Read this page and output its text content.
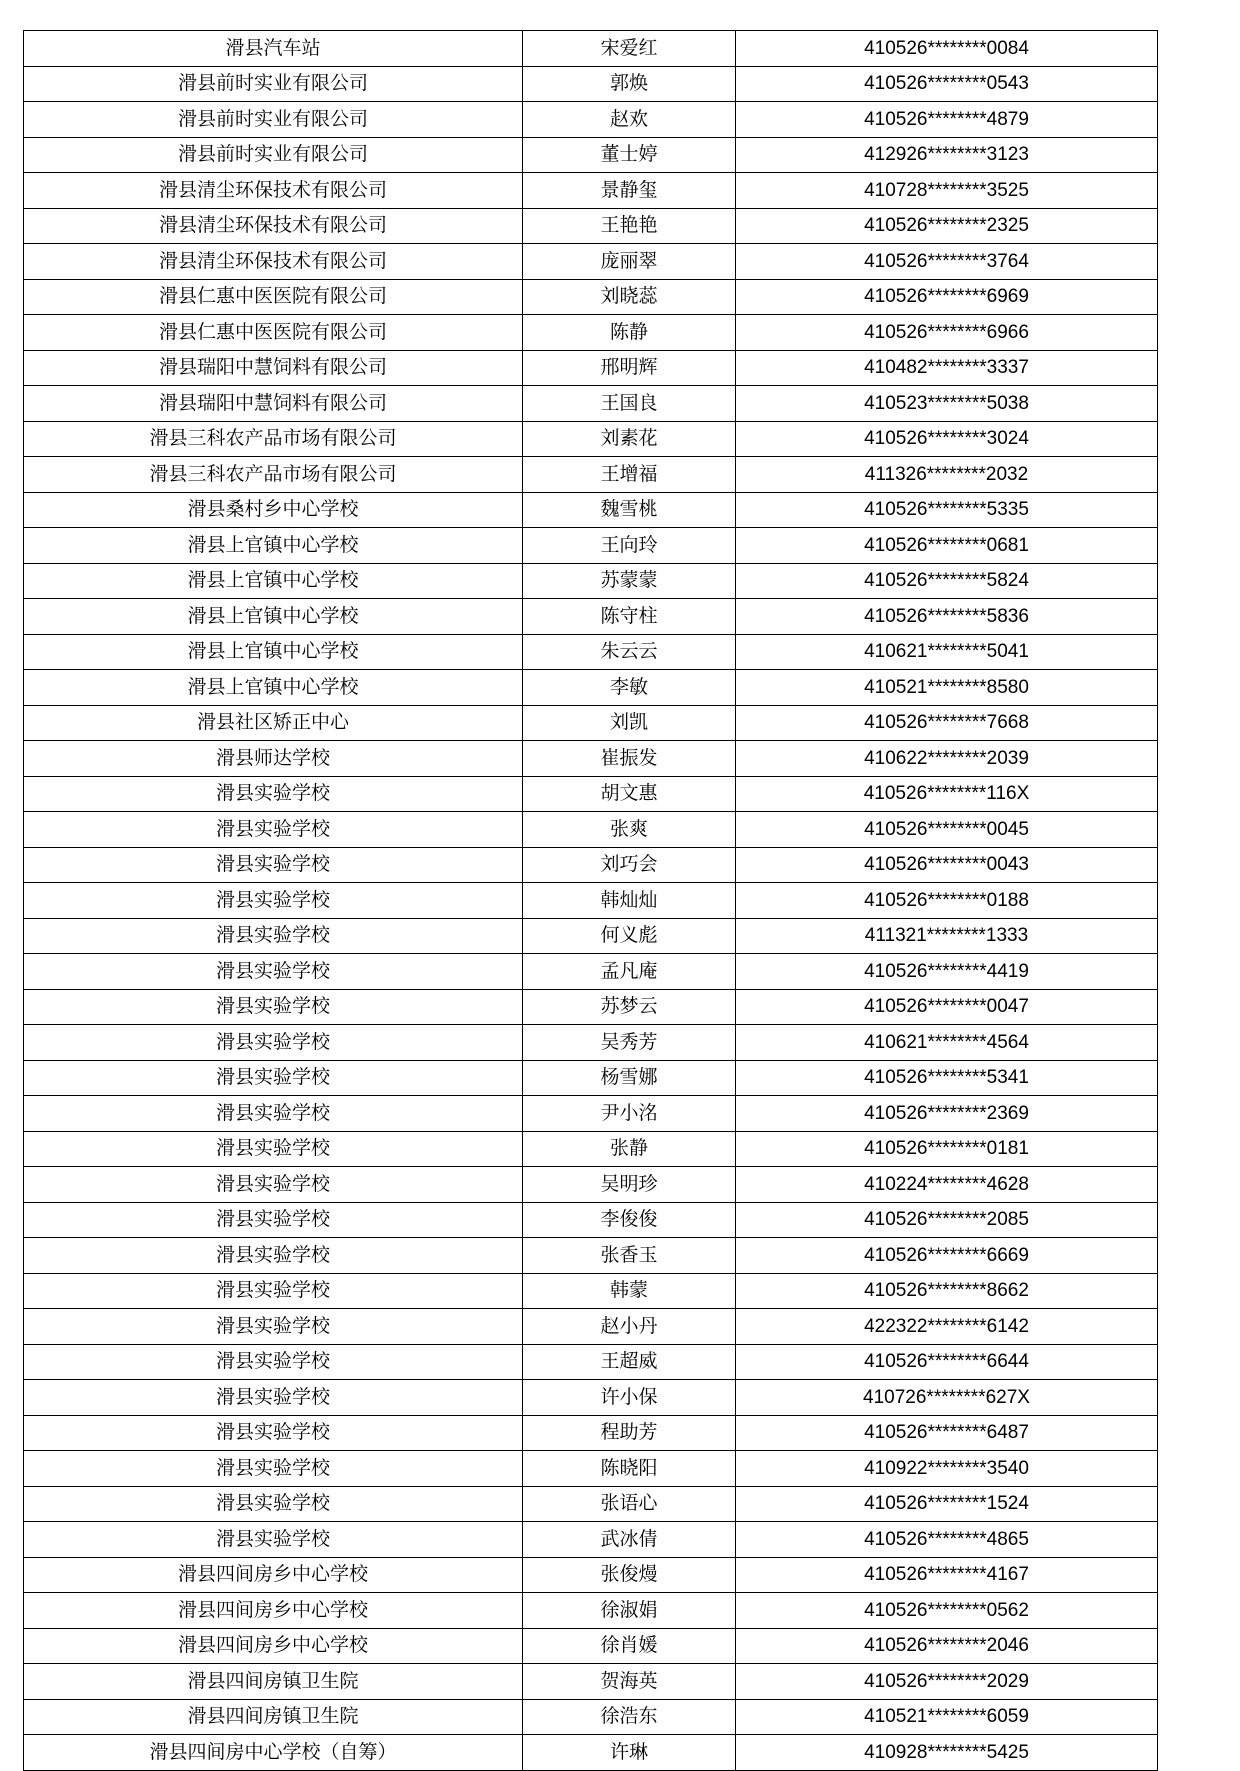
滑县汽车站	宋爱红	410526********0084
滑县前时实业有限公司	郭焕	410526********0543
滑县前时实业有限公司	赵欢	410526********4879
滑县前时实业有限公司	董士婷	412926********3123
滑县清尘环保技术有限公司	景静玺	410728********3525
滑县清尘环保技术有限公司	王艳艳	410526********2325
滑县清尘环保技术有限公司	庞丽翠	410526********3764
滑县仁惠中医医院有限公司	刘晓蕊	410526********6969
滑县仁惠中医医院有限公司	陈静	410526********6966
滑县瑞阳中慧饲料有限公司	邢明辉	410482********3337
滑县瑞阳中慧饲料有限公司	王国良	410523********5038
滑县三科农产品市场有限公司	刘素花	410526********3024
滑县三科农产品市场有限公司	王增福	411326********2032
滑县桑村乡中心学校	魏雪桃	410526********5335
滑县上官镇中心学校	王向玲	410526********0681
滑县上官镇中心学校	苏蒙蒙	410526********5824
滑县上官镇中心学校	陈守柱	410526********5836
滑县上官镇中心学校	朱云云	410621********5041
滑县上官镇中心学校	李敏	410521********8580
滑县社区矫正中心	刘凯	410526********7668
滑县师达学校	崔振发	410622********2039
滑县实验学校	胡文惠	410526********116X
滑县实验学校	张爽	410526********0045
滑县实验学校	刘巧会	410526********0043
滑县实验学校	韩灿灿	410526********0188
滑县实验学校	何义彪	411321********1333
滑县实验学校	孟凡庵	410526********4419
滑县实验学校	苏梦云	410526********0047
滑县实验学校	吴秀芳	410621********4564
滑县实验学校	杨雪娜	410526********5341
滑县实验学校	尹小洺	410526********2369
滑县实验学校	张静	410526********0181
滑县实验学校	吴明珍	410224********4628
滑县实验学校	李俊俊	410526********2085
滑县实验学校	张香玉	410526********6669
滑县实验学校	韩蒙	410526********8662
滑县实验学校	赵小丹	422322********6142
滑县实验学校	王超威	410526********6644
滑县实验学校	许小保	410726********627X
滑县实验学校	程助芳	410526********6487
滑县实验学校	陈晓阳	410922********3540
滑县实验学校	张语心	410526********1524
滑县实验学校	武冰倩	410526********4865
滑县四间房乡中心学校	张俊熳	410526********4167
滑县四间房乡中心学校	徐淑娟	410526********0562
滑县四间房乡中心学校	徐肖媛	410526********2046
滑县四间房镇卫生院	贺海英	410526********2029
滑县四间房镇卫生院	徐浩东	410521********6059
滑县四间房中心学校（自筹）	许琳	410928********5425
